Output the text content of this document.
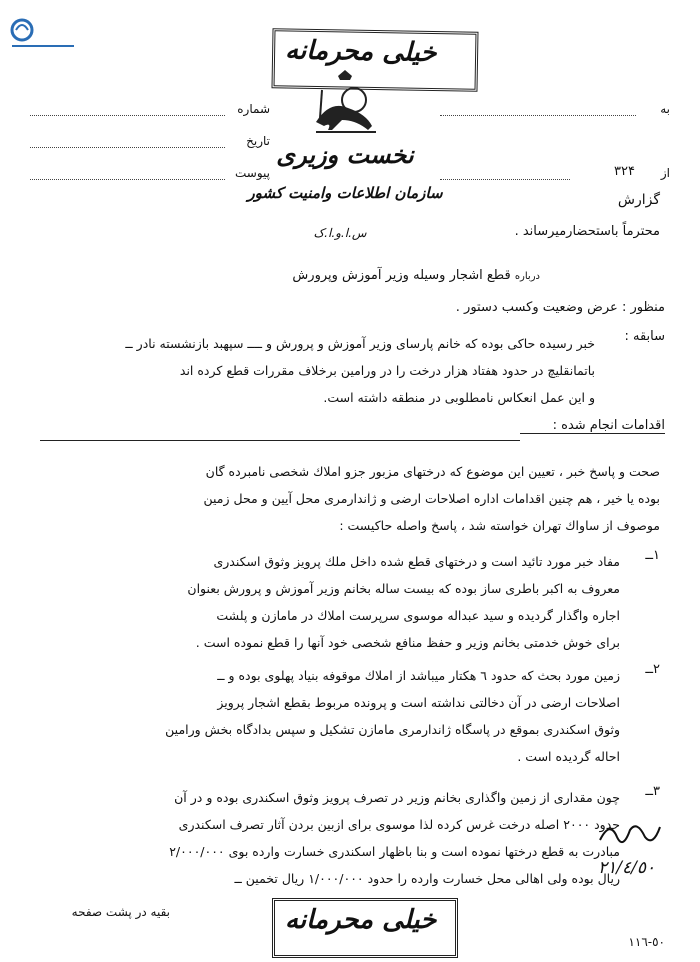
خیلی محرمانه
نخست وزیری
سازمان اطلاعات وامنیت کشور
س.ا.و.ا.ک
شماره
تاریخ
پیوست
به
از
۳۲۴
گزارش
محترماً باستحضارمیرساند .
درباره قطع اشجار وسیله وزیر آموزش وپرورش
منظور : عرض وضعیت وکسب دستور .
سابقه :
خبر رسیده حاکی بوده که خانم پارسای وزیر آموزش و پرورش و ــــ سپهبد بازنشسته نادر ــ
باتمانقلیچ در حدود هفتاد هزار درخت را در ورامین برخلاف مقررات قطع کرده اند
و این عمل انعکاس نامطلوبی در منطقه داشته است.
اقدامات انجام شده :
صحت و پاسخ خبر ، تعیین این موضوع که درختهای مزبور جزو املاك شخصی نامبرده گان
بوده یا خیر ، هم چنین اقدامات اداره اصلاحات ارضی و ژاندارمری محل آیین و محل زمین
موصوف از ساواك تهران خواسته شد ، پاسخ واصله حاکیست :
۱ــ
مفاد خبر مورد تائید است و درختهای قطع شده داخل ملك پرویز وثوق اسکندری
معروف به اکبر باطری ساز بوده که بیست ساله بخانم وزیر آموزش و پرورش بعنوان
اجاره واگذار گردیده و سید عبداله موسوی سرپرست املاك در مامازن و پلشت
برای خوش خدمتی بخانم وزیر و حفظ منافع شخصی خود آنها را قطع نموده است .
۲ــ
زمین مورد بحث که حدود ٦ هکتار میباشد از املاك موقوفه بنیاد پهلوی بوده و ــ
اصلاحات ارضی در آن دخالتی نداشته است و پرونده مربوط بقطع اشجار پرویز
وثوق اسکندری بموقع در پاسگاه ژاندارمری مامازن تشکیل و سپس بدادگاه بخش ورامین
احاله گردیده است .
۳ــ
چون مقداری از زمین واگذاری بخانم وزیر در تصرف پرویز وثوق اسکندری بوده و در آن
حدود ۲۰۰۰ اصله درخت غرس کرده لذا موسوی برای ازبین بردن آثار تصرف اسکندری
مبادرت به قطع درختها نموده است و بنا باظهار اسکندری خسارت وارده بوی ۲/۰۰۰/۰۰۰
ریال بوده ولی اهالی محل خسارت وارده را حدود ۱/۰۰۰/۰۰۰ ریال تخمین ــ
٢١/٤/٥٠
خیلی محرمانه
بقیه در پشت صفحه
٥٠-١١٦
